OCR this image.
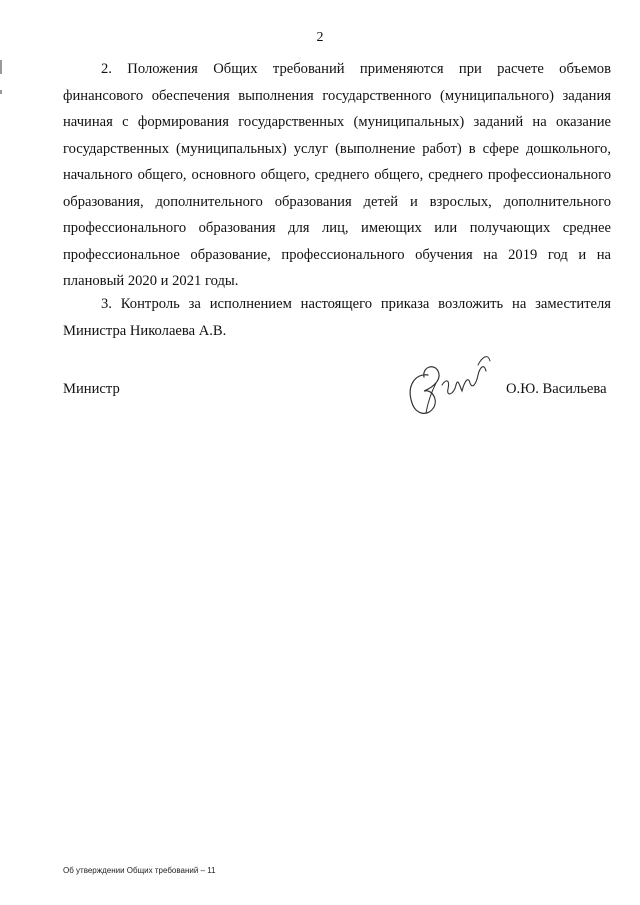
2

2. Положения Общих требований применяются при расчете объемов финансового обеспечения выполнения государственного (муниципального) задания начиная с формирования государственных (муниципальных) заданий на оказание государственных (муниципальных) услуг (выполнение работ) в сфере дошкольного, начального общего, основного общего, среднего общего, среднего профессионального образования, дополнительного образования детей и взрослых, дополнительного профессионального образования для лиц, имеющих или получающих среднее профессиональное образование, профессионального обучения на 2019 год и на плановый 2020 и 2021 годы.

3. Контроль за исполнением настоящего приказа возложить на заместителя Министра Николаева А.В.

Министр	О.Ю. Васильева
Об утверждении Общих требований – 11
